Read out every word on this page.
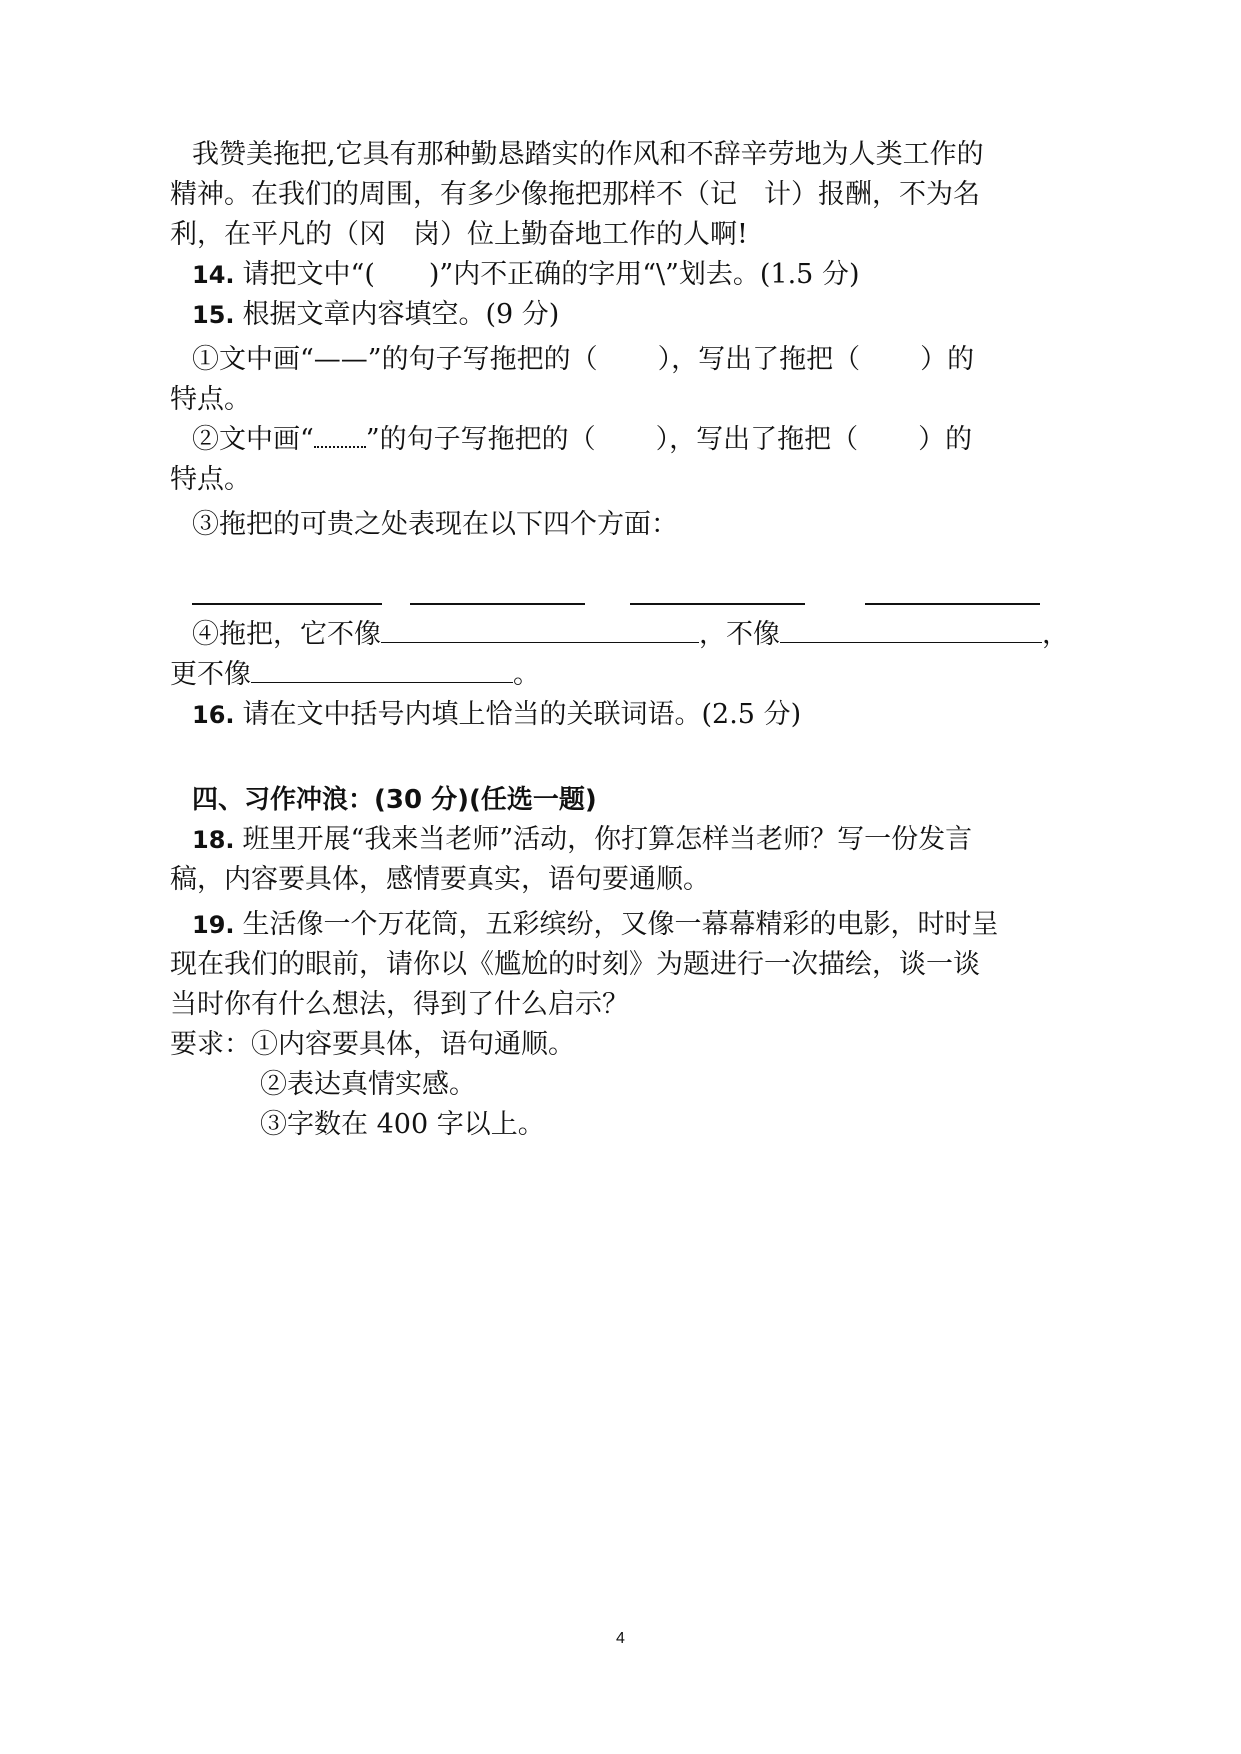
我赞美拖把,它具有那种勤恳踏实的作风和不辞辛劳地为人类工作的
精神。在我们的周围，有多少像拖把那样不（记　计）报酬，不为名
利，在平凡的（冈　岗）位上勤奋地工作的人啊!
14. 请把文中“(　　)”内不正确的字用“\”划去。(1.5 分)
15. 根据文章内容填空。(9 分)
①文中画“——”的句子写拖把的（ ），写出了拖把（ ）的
特点。
②文中画“ ”的句子写拖把的（ ），写出了拖把（ ）的
特点。
③拖把的可贵之处表现在以下四个方面：
④拖把，它不像	，不像	，
更不像	。
16. 请在文中括号内填上恰当的关联词语。(2.5 分)
四、习作冲浪：(30 分)(任选一题)
18. 班里开展“我来当老师”活动，你打算怎样当老师？写一份发言
稿，内容要具体，感情要真实，语句要通顺。
19. 生活像一个万花筒，五彩缤纷，又像一幕幕精彩的电影，时时呈
现在我们的眼前，请你以《尴尬的时刻》为题进行一次描绘，谈一谈
当时你有什么想法，得到了什么启示？
要求：①内容要具体，语句通顺。
②表达真情实感。
③字数在 400 字以上。
4
